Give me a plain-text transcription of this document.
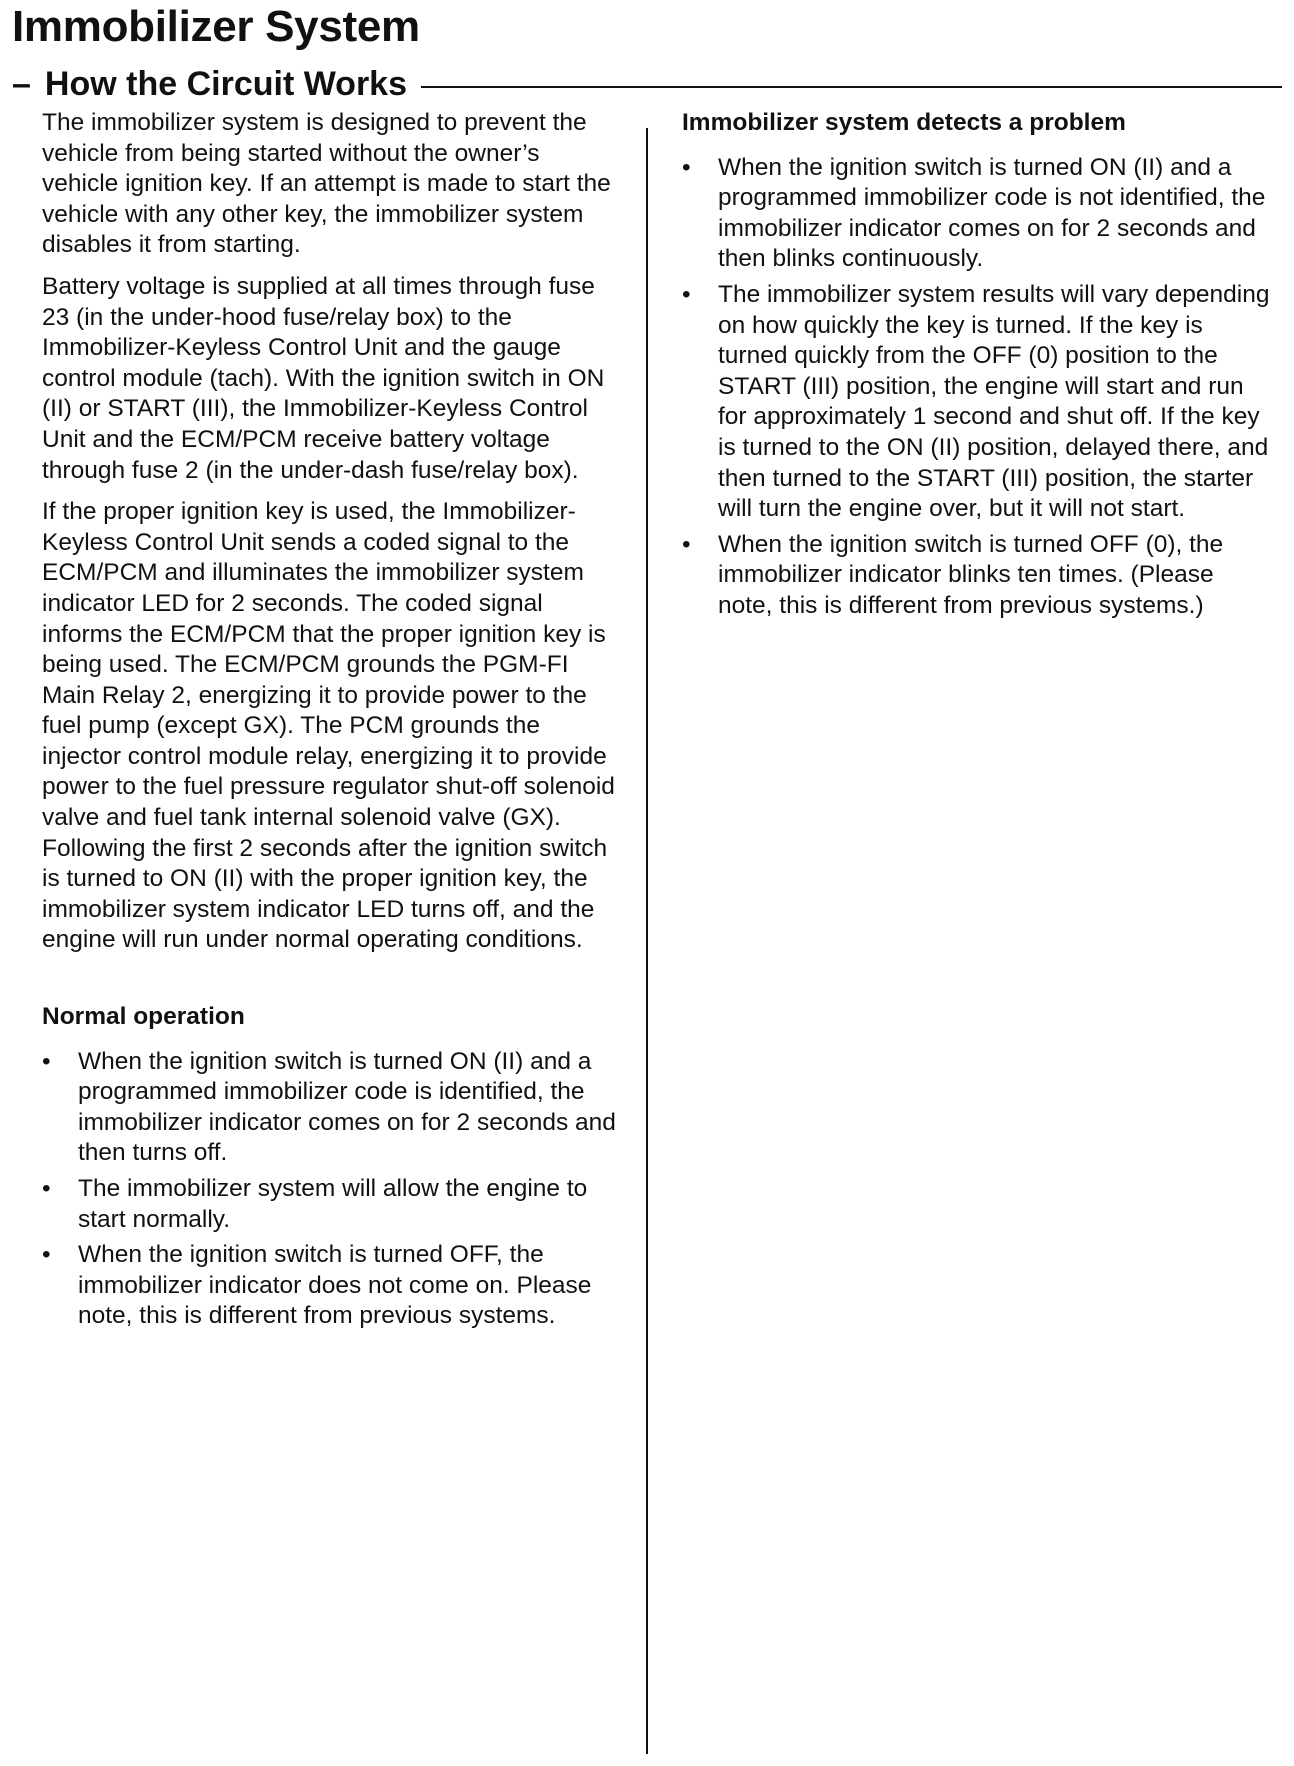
Immobilizer System
– How the Circuit Works

The immobilizer system is designed to prevent the vehicle from being started without the owner’s vehicle ignition key. If an attempt is made to start the vehicle with any other key, the immobilizer system disables it from starting.

Battery voltage is supplied at all times through fuse 23 (in the under-hood fuse/relay box) to the Immobilizer-Keyless Control Unit and the gauge control module (tach). With the ignition switch in ON (II) or START (III), the Immobilizer-Keyless Control Unit and the ECM/PCM receive battery voltage through fuse 2 (in the under-dash fuse/relay box).

If the proper ignition key is used, the Immobilizer-Keyless Control Unit sends a coded signal to the ECM/PCM and illuminates the immobilizer system indicator LED for 2 seconds. The coded signal informs the ECM/PCM that the proper ignition key is being used. The ECM/PCM grounds the PGM-FI Main Relay 2, energizing it to provide power to the fuel pump (except GX). The PCM grounds the injector control module relay, energizing it to provide power to the fuel pressure regulator shut-off solenoid valve and fuel tank internal solenoid valve (GX). Following the first 2 seconds after the ignition switch is turned to ON (II) with the proper ignition key, the immobilizer system indicator LED turns off, and the engine will run under normal operating conditions.

Normal operation
• When the ignition switch is turned ON (II) and a programmed immobilizer code is identified, the immobilizer indicator comes on for 2 seconds and then turns off.
• The immobilizer system will allow the engine to start normally.
• When the ignition switch is turned OFF, the immobilizer indicator does not come on. Please note, this is different from previous systems.
Immobilizer system detects a problem
• When the ignition switch is turned ON (II) and a programmed immobilizer code is not identified, the immobilizer indicator comes on for 2 seconds and then blinks continuously.
• The immobilizer system results will vary depending on how quickly the key is turned. If the key is turned quickly from the OFF (0) position to the START (III) position, the engine will start and run for approximately 1 second and shut off. If the key is turned to the ON (II) position, delayed there, and then turned to the START (III) position, the starter will turn the engine over, but it will not start.
• When the ignition switch is turned OFF (0), the immobilizer indicator blinks ten times. (Please note, this is different from previous systems.)
